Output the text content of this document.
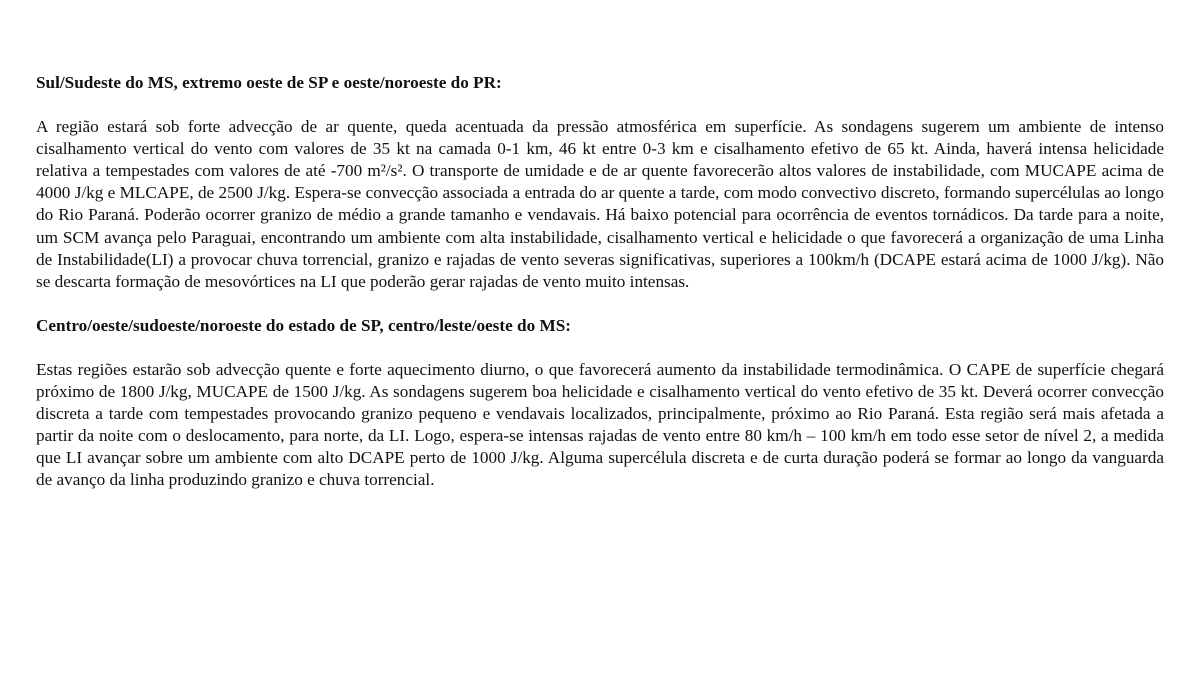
Sul/Sudeste do MS, extremo oeste de SP e oeste/noroeste do PR:

A região estará sob forte advecção de ar quente, queda acentuada da pressão atmosférica em superfície. As sondagens sugerem um ambiente de intenso cisalhamento vertical do vento com valores de 35 kt na camada 0-1 km, 46 kt entre 0-3 km e cisalhamento efetivo de 65 kt. Ainda, haverá intensa helicidade relativa a tempestades com valores de até -700 m²/s². O transporte de umidade e de ar quente favorecerão altos valores de instabilidade, com MUCAPE acima de 4000 J/kg e MLCAPE, de 2500 J/kg. Espera-se convecção associada a entrada do ar quente a tarde, com modo convectivo discreto, formando supercélulas ao longo do Rio Paraná. Poderão ocorrer granizo de médio a grande tamanho e vendavais. Há baixo potencial para ocorrência de eventos tornádicos. Da tarde para a noite, um SCM avança pelo Paraguai, encontrando um ambiente com alta instabilidade, cisalhamento vertical e helicidade o que favorecerá a organização de uma Linha de Instabilidade(LI) a provocar chuva torrencial, granizo e rajadas de vento severas significativas, superiores a 100km/h (DCAPE estará acima de 1000 J/kg). Não se descarta formação de mesovórtices na LI que poderão gerar rajadas de vento muito intensas.

Centro/oeste/sudoeste/noroeste do estado de SP, centro/leste/oeste do MS:

Estas regiões estarão sob advecção quente e forte aquecimento diurno, o que favorecerá aumento da instabilidade termodinâmica. O CAPE de superfície chegará próximo de 1800 J/kg, MUCAPE de 1500 J/kg. As sondagens sugerem boa helicidade e cisalhamento vertical do vento efetivo de 35 kt. Deverá ocorrer convecção discreta a tarde com tempestades provocando granizo pequeno e vendavais localizados, principalmente, próximo ao Rio Paraná. Esta região será mais afetada a partir da noite com o deslocamento, para norte, da LI. Logo, espera-se intensas rajadas de vento entre 80 km/h – 100 km/h em todo esse setor de nível 2, a medida que LI avançar sobre um ambiente com alto DCAPE perto de 1000 J/kg. Alguma supercélula discreta e de curta duração poderá se formar ao longo da vanguarda de avanço da linha produzindo granizo e chuva torrencial.
